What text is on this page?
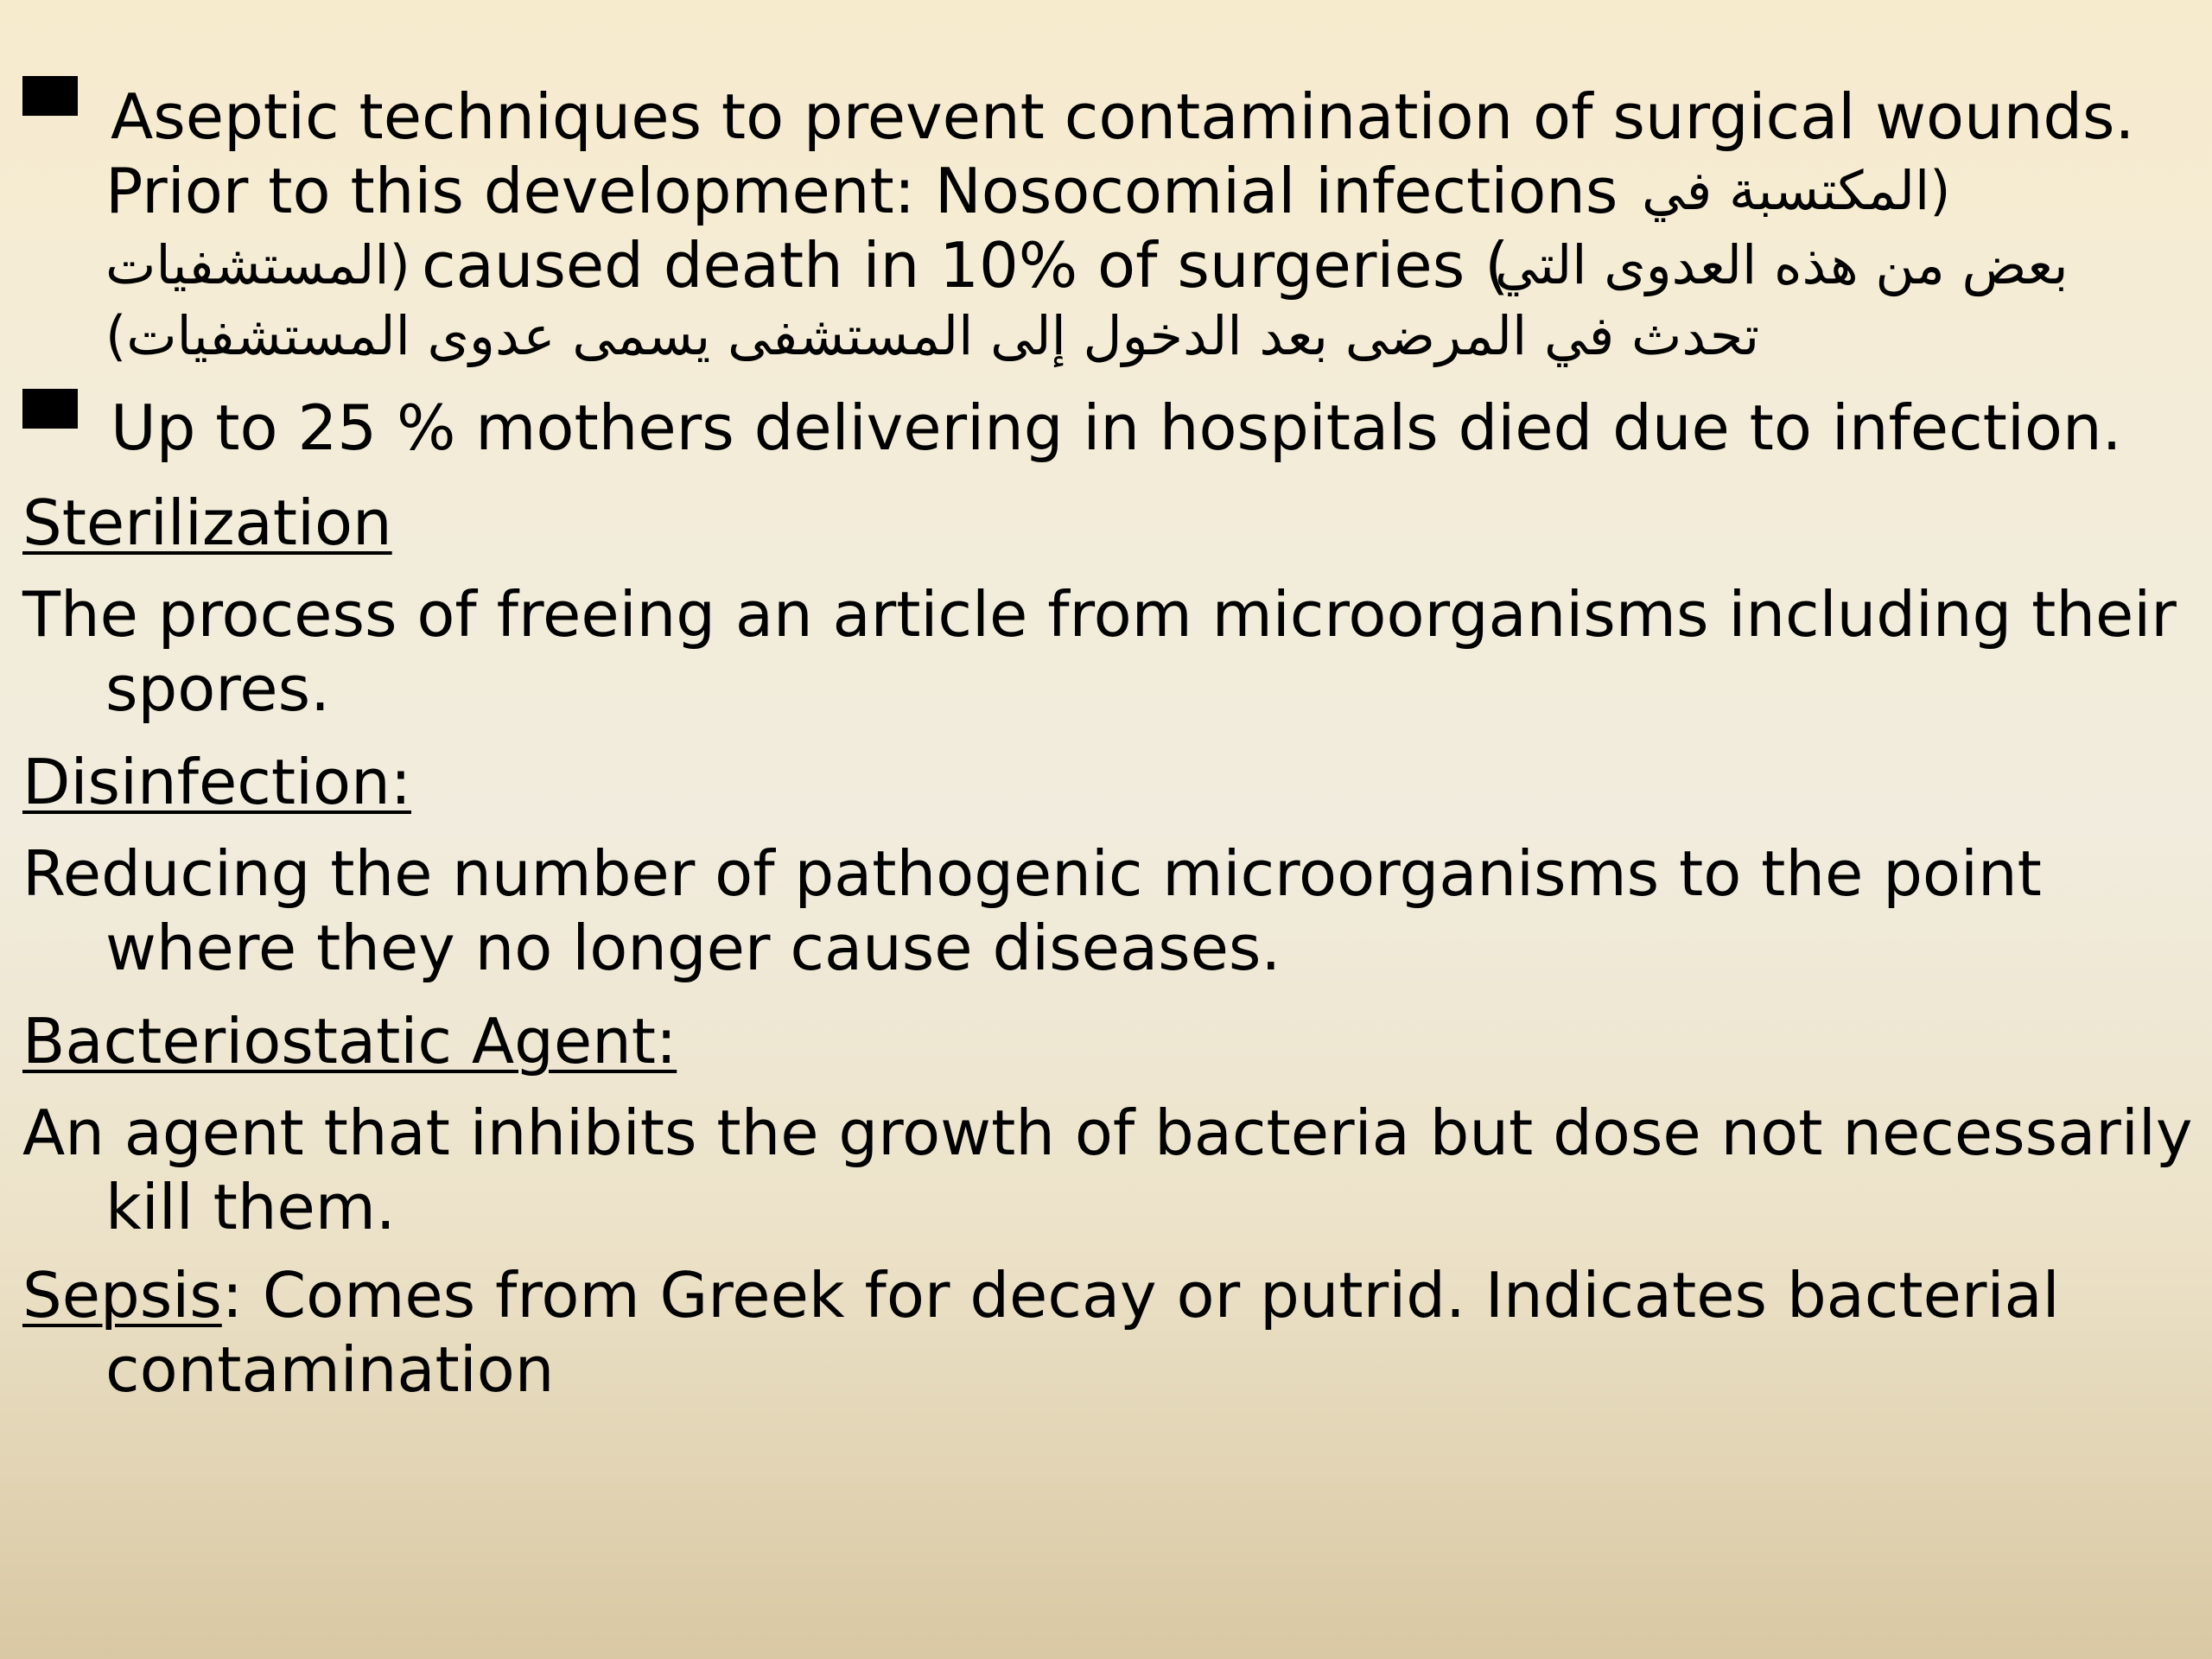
Aseptic techniques to prevent contamination of surgical wounds.
Prior to this development: Nosocomial infections (المكتسبة في
(المستشفيات caused death in 10% of surgeries (
بعض من هذه العدوى التي
تحدث في المرضى بعد الدخول إلى المستشفى يسمى عدوى المستشفيات)
Up to 25 % mothers delivering in hospitals died due to infection.
Sterilization
The process of freeing an article from microorganisms including their
spores.
Disinfection:
Reducing the number of pathogenic microorganisms to the point
where they no longer cause diseases.
Bacteriostatic Agent:
An agent that inhibits the growth of bacteria but dose not necessarily
kill them.
Sepsis: Comes from Greek for decay or putrid. Indicates bacterial
contamination
